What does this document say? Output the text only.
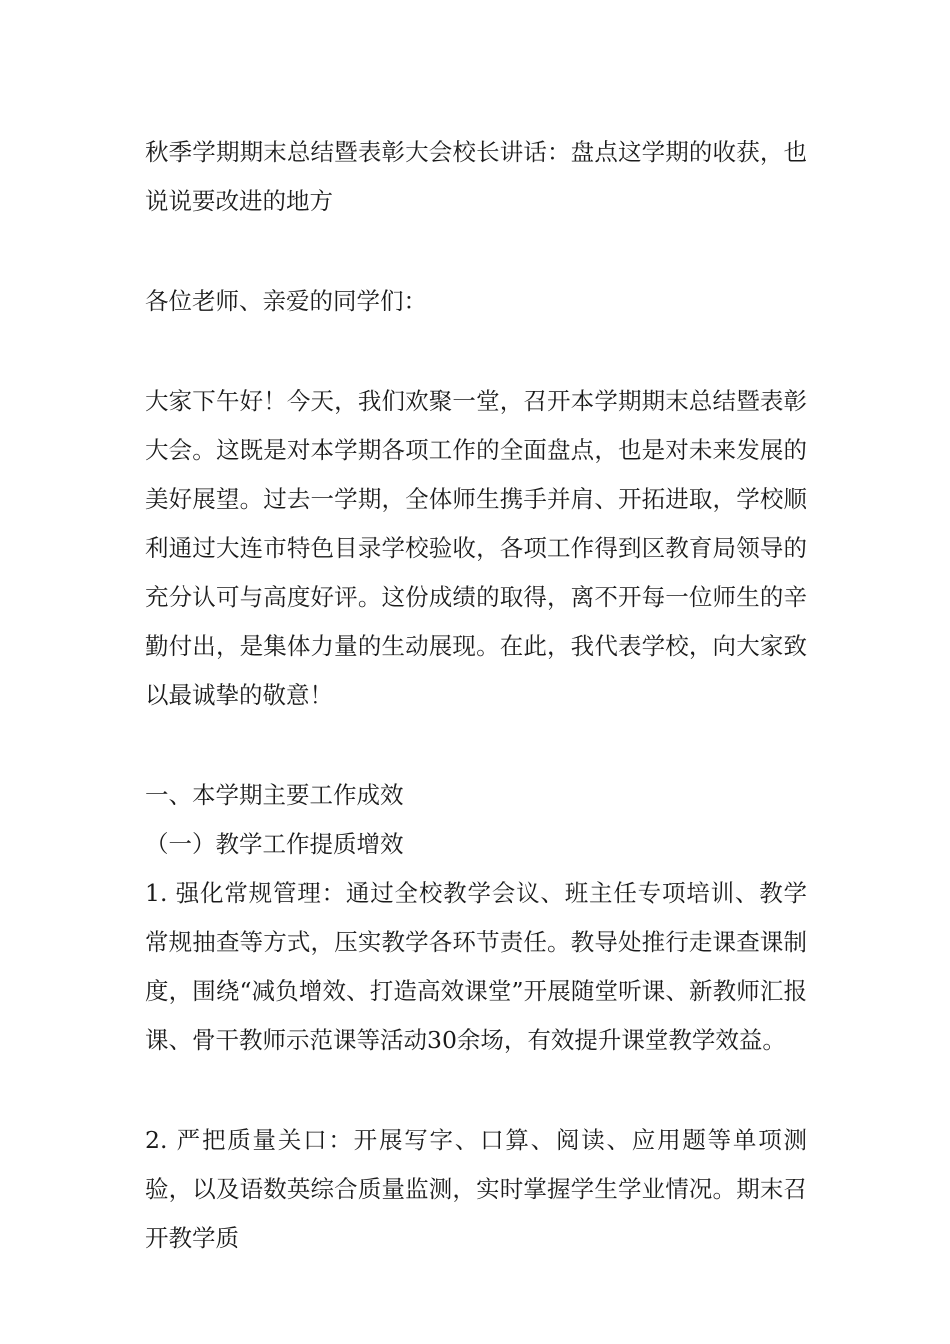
秋季学期期末总结暨表彰大会校长讲话：盘点这学期的收获，也说说要改进的地方

各位老师、亲爱的同学们：

大家下午好！今天，我们欢聚一堂，召开本学期期末总结暨表彰大会。这既是对本学期各项工作的全面盘点，也是对未来发展的美好展望。过去一学期，全体师生携手并肩、开拓进取，学校顺利通过大连市特色目录学校验收，各项工作得到区教育局领导的充分认可与高度好评。这份成绩的取得，离不开每一位师生的辛勤付出，是集体力量的生动展现。在此，我代表学校，向大家致以最诚挚的敬意！

一、本学期主要工作成效

（一）教学工作提质增效

1. 强化常规管理：通过全校教学会议、班主任专项培训、教学常规抽查等方式，压实教学各环节责任。教导处推行走课查课制度，围绕“减负增效、打造高效课堂”开展随堂听课、新教师汇报课、骨干教师示范课等活动30余场，有效提升课堂教学效益。

2. 严把质量关口：开展写字、口算、阅读、应用题等单项测验，以及语数英综合质量监测，实时掌握学生学业情况。期末召开教学质
